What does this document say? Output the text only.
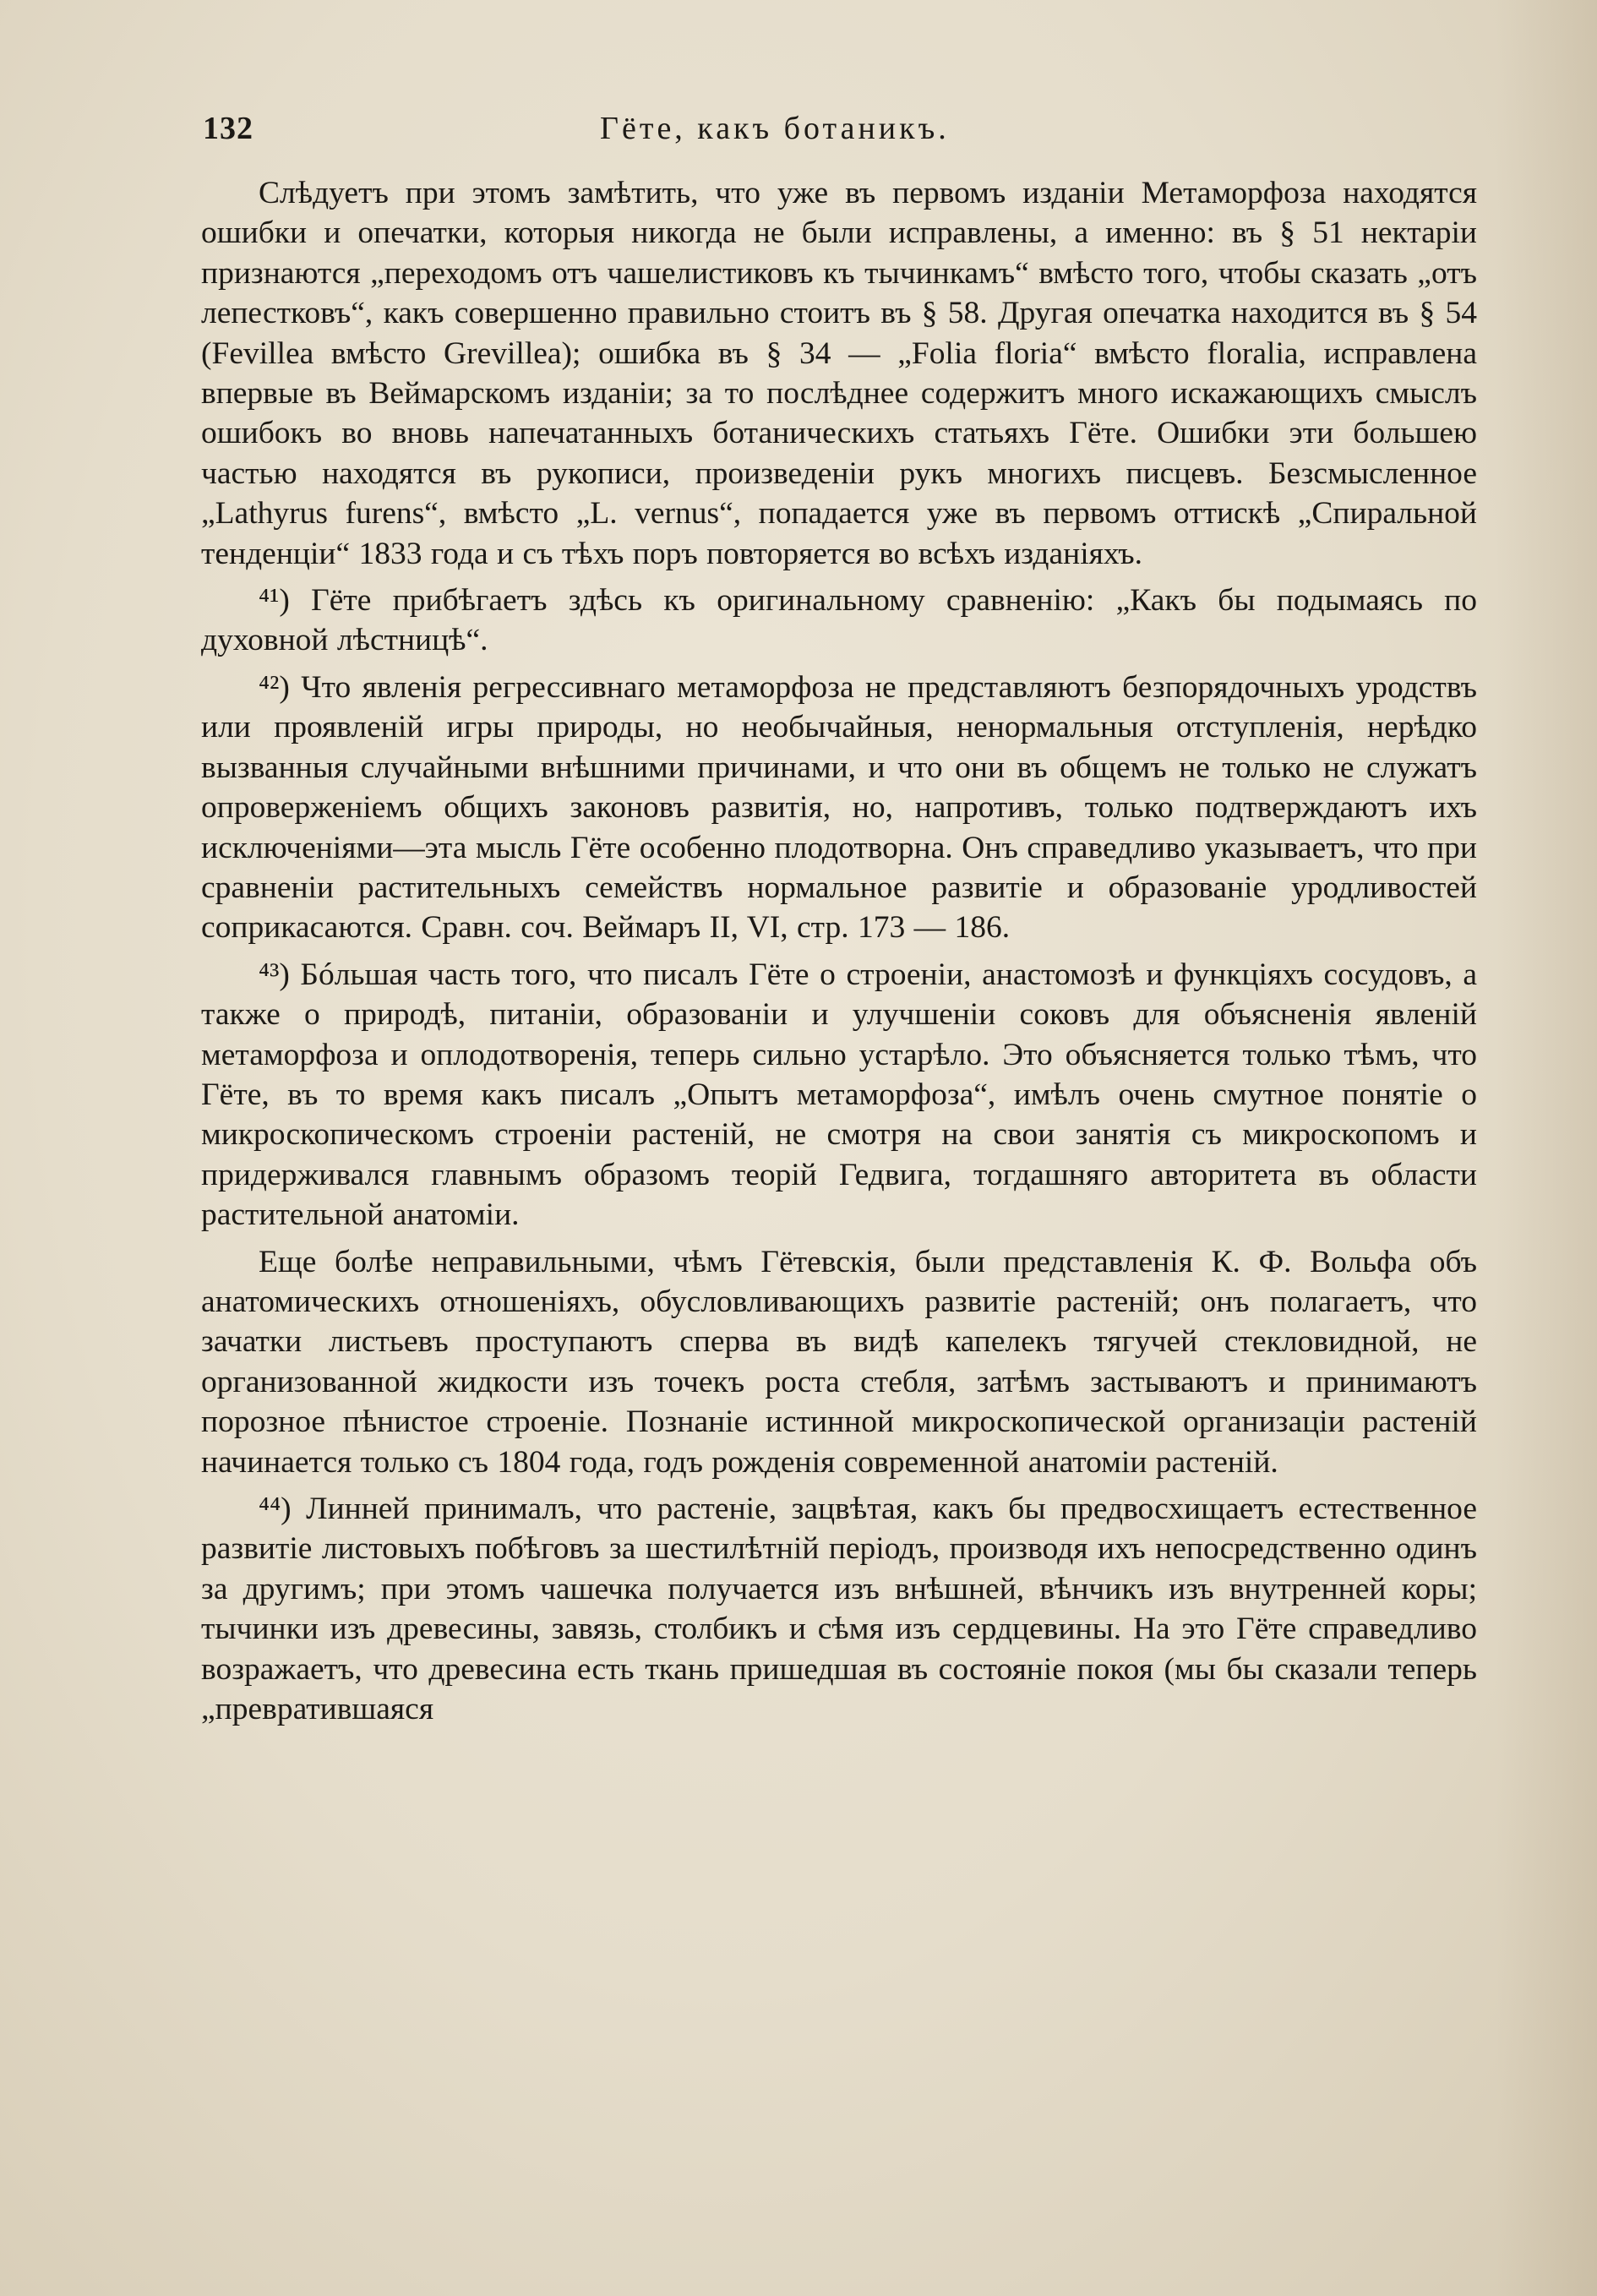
132	Гёте, какъ ботаникъ.

Слѣдуетъ при этомъ замѣтить, что уже въ первомъ изданіи Метаморфоза находятся ошибки и опечатки, которыя никогда не были исправлены, а именно: въ § 51 нектаріи признаются „переходомъ отъ чашелистиковъ къ тычинкамъ“ вмѣсто того, чтобы сказать „отъ лепестковъ“, какъ совершенно правильно стоитъ въ § 58. Другая опечатка находится въ § 54 (Fevillea вмѣсто Grevillea); ошибка въ § 34 — „Folia floria“ вмѣсто floralia, исправлена впервые въ Веймарскомъ изданіи; за то послѣднее содержитъ много искажающихъ смыслъ ошибокъ во вновь напечатанныхъ ботаническихъ статьяхъ Гёте. Ошибки эти большею частью находятся въ рукописи, произведеніи рукъ многихъ писцевъ. Безсмысленное „Lathyrus furens“, вмѣсто „L. vernus“, попадается уже въ первомъ оттискѣ „Спиральной тенденціи“ 1833 года и съ тѣхъ поръ повторяется во всѣхъ изданіяхъ.

⁴¹) Гёте прибѣгаетъ здѣсь къ оригинальному сравненію: „Какъ бы подымаясь по духовной лѣстницѣ“.

⁴²) Что явленія регрессивнаго метаморфоза не представляютъ безпорядочныхъ уродствъ или проявленій игры природы, но необычайныя, ненормальныя отступленія, нерѣдко вызванныя случайными внѣшними причинами, и что они въ общемъ не только не служатъ опроверженіемъ общихъ законовъ развитія, но, напротивъ, только подтверждаютъ ихъ исключеніями—эта мысль Гёте особенно плодотворна. Онъ справедливо указываетъ, что при сравненіи растительныхъ семействъ нормальное развитіе и образованіе уродливостей соприкасаются. Сравн. соч. Веймаръ II, VI, стр. 173 — 186.

⁴³) Бóльшая часть того, что писалъ Гёте о строеніи, анастомозѣ и функціяхъ сосудовъ, а также о природѣ, питаніи, образованіи и улучшеніи соковъ для объясненія явленій метаморфоза и оплодотворенія, теперь сильно устарѣло. Это объясняется только тѣмъ, что Гёте, въ то время какъ писалъ „Опытъ метаморфоза“, имѣлъ очень смутное понятіе о микроскопическомъ строеніи растеній, не смотря на свои занятія съ микроскопомъ и придерживался главнымъ образомъ теорій Гедвига, тогдашняго авторитета въ области растительной анатоміи.

Еще болѣе неправильными, чѣмъ Гётевскія, были представленія К. Ф. Вольфа объ анатомическихъ отношеніяхъ, обусловливающихъ развитіе растеній; онъ полагаетъ, что зачатки листьевъ проступаютъ сперва въ видѣ капелекъ тягучей стекловидной, не организованной жидкости изъ точекъ роста стебля, затѣмъ застываютъ и принимаютъ порозное пѣнистое строеніе. Познаніе истинной микроскопической организаціи растеній начинается только съ 1804 года, годъ рожденія современной анатоміи растеній.

⁴⁴) Линней принималъ, что растеніе, зацвѣтая, какъ бы предвосхищаетъ естественное развитіе листовыхъ побѣговъ за шестилѣтній періодъ, производя ихъ непосредственно одинъ за другимъ; при этомъ чашечка получается изъ внѣшней, вѣнчикъ изъ внутренней коры; тычинки изъ древесины, завязь, столбикъ и сѣмя изъ сердцевины. На это Гёте справедливо возражаетъ, что древесина есть ткань пришедшая въ состояніе покоя (мы бы сказали теперь „превратившаяся
